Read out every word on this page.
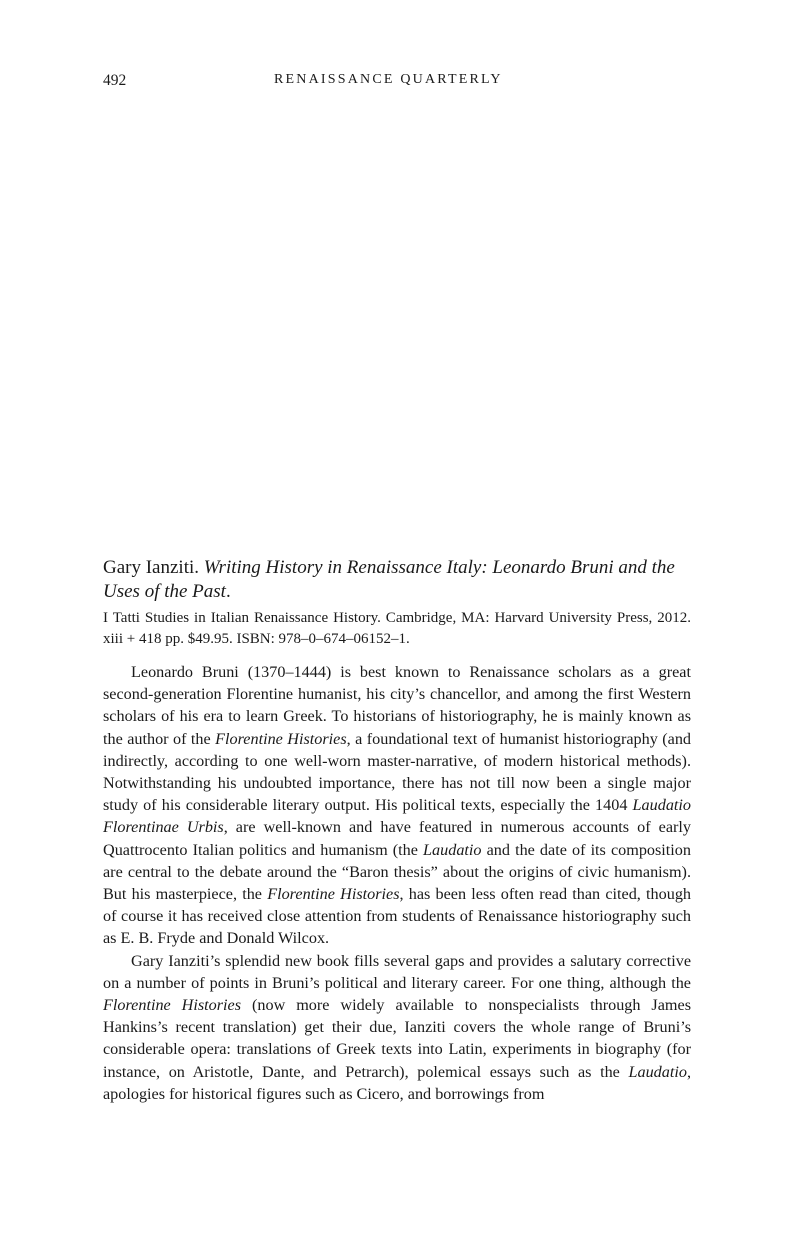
492	RENAISSANCE QUARTERLY
Gary Ianziti. Writing History in Renaissance Italy: Leonardo Bruni and the Uses of the Past.

I Tatti Studies in Italian Renaissance History. Cambridge, MA: Harvard University Press, 2012. xiii + 418 pp. $49.95. ISBN: 978–0–674–06152–1.

Leonardo Bruni (1370–1444) is best known to Renaissance scholars as a great second-generation Florentine humanist, his city’s chancellor, and among the first Western scholars of his era to learn Greek. To historians of historiography, he is mainly known as the author of the Florentine Histories, a foundational text of humanist historiography (and indirectly, according to one well-worn master-narrative, of modern historical methods). Notwithstanding his undoubted importance, there has not till now been a single major study of his considerable literary output. His political texts, especially the 1404 Laudatio Florentinae Urbis, are well-known and have featured in numerous accounts of early Quattrocento Italian politics and humanism (the Laudatio and the date of its composition are central to the debate around the “Baron thesis” about the origins of civic humanism). But his masterpiece, the Florentine Histories, has been less often read than cited, though of course it has received close attention from students of Renaissance historiography such as E. B. Fryde and Donald Wilcox.

Gary Ianziti’s splendid new book fills several gaps and provides a salutary corrective on a number of points in Bruni’s political and literary career. For one thing, although the Florentine Histories (now more widely available to nonspecialists through James Hankins’s recent translation) get their due, Ianziti covers the whole range of Bruni’s considerable opera: translations of Greek texts into Latin, experiments in biography (for instance, on Aristotle, Dante, and Petrarch), polemical essays such as the Laudatio, apologies for historical figures such as Cicero, and borrowings from
